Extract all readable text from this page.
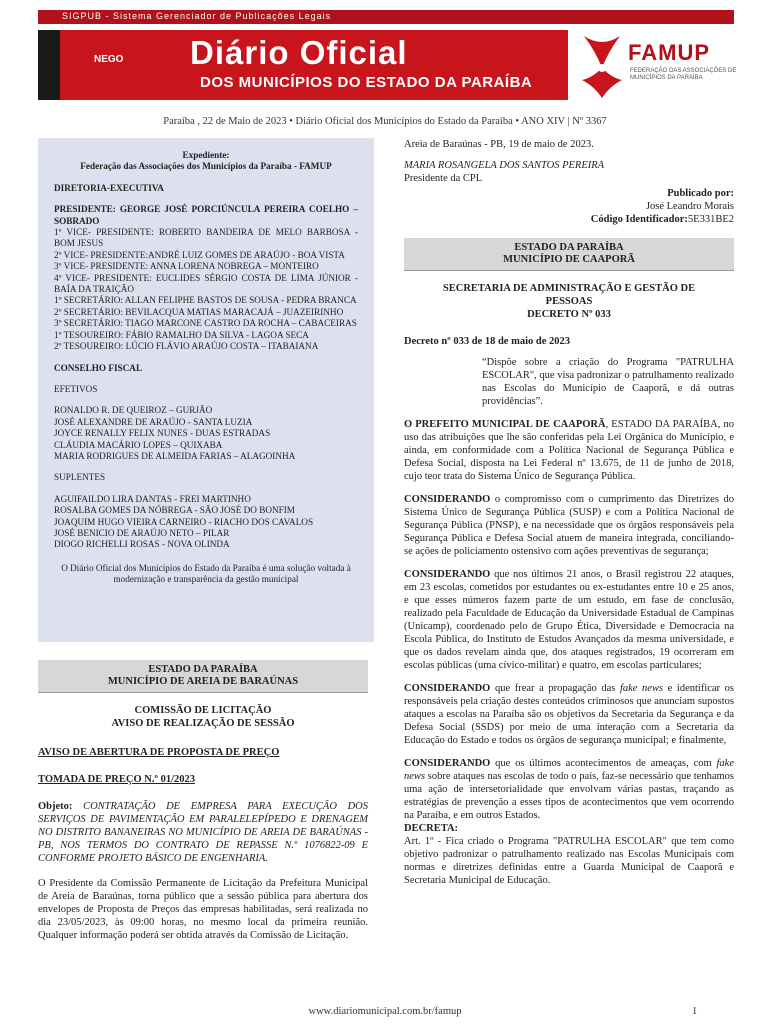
SIGPUB - Sistema Gerenciador de Publicações Legais
NEGO Diário Oficial
DOS MUNICÍPIOS DO ESTADO DA PARAÍBA
FAMUP
FEDERAÇÃO DAS ASSOCIAÇÕES DE MUNICÍPIOS DA PARAÍBA
Paraíba , 22 de Maio de 2023 • Diário Oficial dos Municípios do Estado da Paraíba • ANO XIV | Nº 3367
Expediente:
Federação das Associações dos Municípios da Paraíba - FAMUP
DIRETORIA-EXECUTIVA

PRESIDENTE: GEORGE JOSÉ PORCIÚNCULA PEREIRA COELHO – SOBRADO

1º VICE- PRESIDENTE: ROBERTO BANDEIRA DE MELO BARBOSA - BOM JESUS

2º VICE- PRESIDENTE:ANDRÉ LUIZ GOMES DE ARAÚJO - BOA VISTA

3º VICE- PRESIDENTE: ANNA LORENA NOBREGA – MONTEIRO

4º VICE- PRESIDENTE: EUCLIDES SÉRGIO COSTA DE LIMA JÚNIOR - BAÍA DA TRAIÇÃO

1º SECRETÁRIO: ALLAN FELIPHE BASTOS DE SOUSA - PEDRA BRANCA

2º SECRETÁRIO: BEVILACQUA MATIAS MARACAJÁ – JUAZEIRINHO

3º SECRETÁRIO: TIAGO MARCONE CASTRO DA ROCHA – CABACEIRAS

1º TESOUREIRO: FÁBIO RAMALHO DA SILVA - LAGOA SECA

2º TESOUREIRO: LÚCIO FLÁVIO ARAÚJO COSTA – ITABAIANA

CONSELHO FISCAL
EFETIVOS
RONALDO R. DE QUEIROZ – GURJÃO
JOSÉ ALEXANDRE DE ARAÚJO - SANTA LUZIA
JOYCE RENALLY FELIX NUNES - DUAS ESTRADAS
CLÁUDIA MACÁRIO LOPES – QUIXABA
MARIA RODRIGUES DE ALMEIDA FARIAS – ALAGOINHA
SUPLENTES
AGUIFAILDO LIRA DANTAS - FREI MARTINHO
ROSALBA GOMES DA NÓBREGA - SÃO JOSÉ DO BONFIM
JOAQUIM HUGO VIEIRA CARNEIRO - RIACHO DOS CAVALOS
JOSÉ BENICIO DE ARAÚJO NETO – PILAR
DIOGO RICHELLI ROSAS - NOVA OLINDA
O Diário Oficial dos Municípios do Estado da Paraíba é uma solução voltada à modernização e transparência da gestão municipal
ESTADO DA PARAÍBA
MUNICÍPIO DE AREIA DE BARAÚNAS
COMISSÃO DE LICITAÇÃO
AVISO DE REALIZAÇÃO DE SESSÃO
AVISO DE ABERTURA DE PROPOSTA DE PREÇO
TOMADA DE PREÇO N.º 01/2023

Objeto: CONTRATAÇÃO DE EMPRESA PARA EXECUÇÃO DOS SERVIÇOS DE PAVIMENTAÇÃO EM PARALELEPÍPEDO E DRENAGEM NO DISTRITO BANANEIRAS NO MUNICÍPIO DE AREIA DE BARAÚNAS - PB, NOS TERMOS DO CONTRATO DE REPASSE N.º 1076822-09 E CONFORME PROJETO BÁSICO DE ENGENHARIA.

O Presidente da Comissão Permanente de Licitação da Prefeitura Municipal de Areia de Baraúnas, torna público que a sessão pública para abertura dos envelopes de Proposta de Preços das empresas habilitadas, será realizada no dia 23/05/2023, às 09:00 horas, no mesmo local da primeira reunião. Qualquer informação poderá ser obtida através da Comissão de Licitação.

Areia de Baraúnas - PB, 19 de maio de 2023.
MARIA ROSANGELA DOS SANTOS PEREIRA
Presidente da CPL
Publicado por:
José Leandro Morais
Código Identificador:5E331BE2
ESTADO DA PARAÍBA
MUNICÍPIO DE CAAPORÃ
SECRETARIA DE ADMINISTRAÇÃO E GESTÃO DE
PESSOAS
DECRETO Nº 033
Decreto nº 033 de 18 de maio de 2023

“Dispõe sobre a criação do Programa "PATRULHA ESCOLAR", que visa padronizar o patrulhamento realizado nas Escolas do Município de Caaporã, e dá outras providências”.

O PREFEITO MUNICIPAL DE CAAPORÃ, ESTADO DA PARAÍBA, no uso das atribuições que lhe são conferidas pela Lei Orgânica do Município, e ainda, em conformidade com a Política Nacional de Segurança Pública e Defesa Social, disposta na Lei Federal nº 13.675, de 11 de junho de 2018, cujo teor trata do Sistema Único de Segurança Pública.

CONSIDERANDO o compromisso com o cumprimento das Diretrizes do Sistema Único de Segurança Pública (SUSP) e com a Política Nacional de Segurança Pública (PNSP), e na necessidade que os órgãos responsáveis pela Segurança Pública e Defesa Social atuem de maneira integrada, conciliando-se ações de policiamento ostensivo com ações preventivas de segurança;

CONSIDERANDO que nos últimos 21 anos, o Brasil registrou 22 ataques, em 23 escolas, cometidos por estudantes ou ex-estudantes entre 10 e 25 anos, e que esses números fazem parte de um estudo, em fase de conclusão, realizado pela Faculdade de Educação da Universidade Estadual de Campinas (Unicamp), coordenado pelo de Grupo Ética, Diversidade e Democracia na Escola Pública, do Instituto de Estudos Avançados da mesma universidade, e que os dados revelam ainda que, dos ataques registrados, 19 ocorreram em escolas públicas (uma cívico-militar) e quatro, em escolas particulares;

CONSIDERANDO que frear a propagação das fake news e identificar os responsáveis pela criação destes conteúdos criminosos que anunciam supostos ataques a escolas na Paraíba são os objetivos da Secretaria da Segurança e da Defesa Social (SSDS) por meio de uma interação com a Secretaria da Educação do Estado e todos os órgãos de segurança municipal; e finalmente,

CONSIDERANDO que os últimos acontecimentos de ameaças, com fake news sobre ataques nas escolas de todo o país, faz-se necessário que tenhamos uma ação de intersetorialidade que envolvam várias pastas, traçando as estratégias de prevenção a esses tipos de acontecimentos que vem ocorrendo na Paraíba, e em outros Estados.

DECRETA:

Art. 1º - Fica criado o Programa "PATRULHA ESCOLAR" que tem como objetivo padronizar o patrulhamento realizado nas Escolas Municipais com normas e diretrizes definidas entre a Guarda Municipal de Caaporã e Secretaria Municipal de Educação.

www.diariomunicipal.com.br/famup	1
